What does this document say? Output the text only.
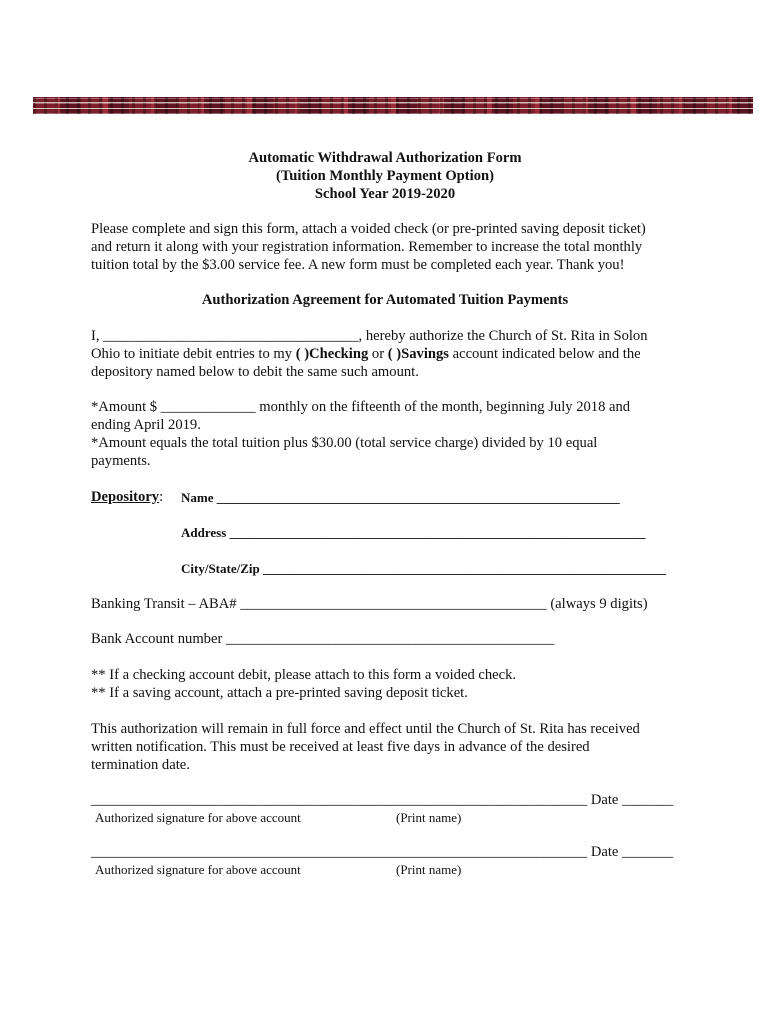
Automatic Withdrawal Authorization Form
(Tuition Monthly Payment Option)
School Year 2019-2020
Please complete and sign this form, attach a voided check (or pre-printed saving deposit ticket)
and return it along with your registration information. Remember to increase the total monthly
tuition total by the $3.00 service fee. A new form must be completed each year. Thank you!
Authorization Agreement for Automated Tuition Payments
I, ___________________________________, hereby authorize the Church of St. Rita in Solon
Ohio to initiate debit entries to my ( )Checking or ( )Savings account indicated below and the
depository named below to debit the same such amount.
*Amount $ _____________ monthly on the fifteenth of the month, beginning July 2018 and
ending April 2019.
*Amount equals the total tuition plus $30.00 (total service charge) divided by 10 equal
payments.
Depository: Name ______________________________________________________________
Address ________________________________________________________________
City/State/Zip ______________________________________________________________
Banking Transit – ABA# __________________________________________ (always 9 digits)
Bank Account number _____________________________________________
** If a checking account debit, please attach to this form a voided check.
** If a saving account, attach a pre-printed saving deposit ticket.
This authorization will remain in full force and effect until the Church of St. Rita has received
written notification. This must be received at least five days in advance of the desired
termination date.
____________________________________________________________________ Date _______
Authorized signature for above account	(Print name)
____________________________________________________________________ Date _______
Authorized signature for above account	(Print name)
